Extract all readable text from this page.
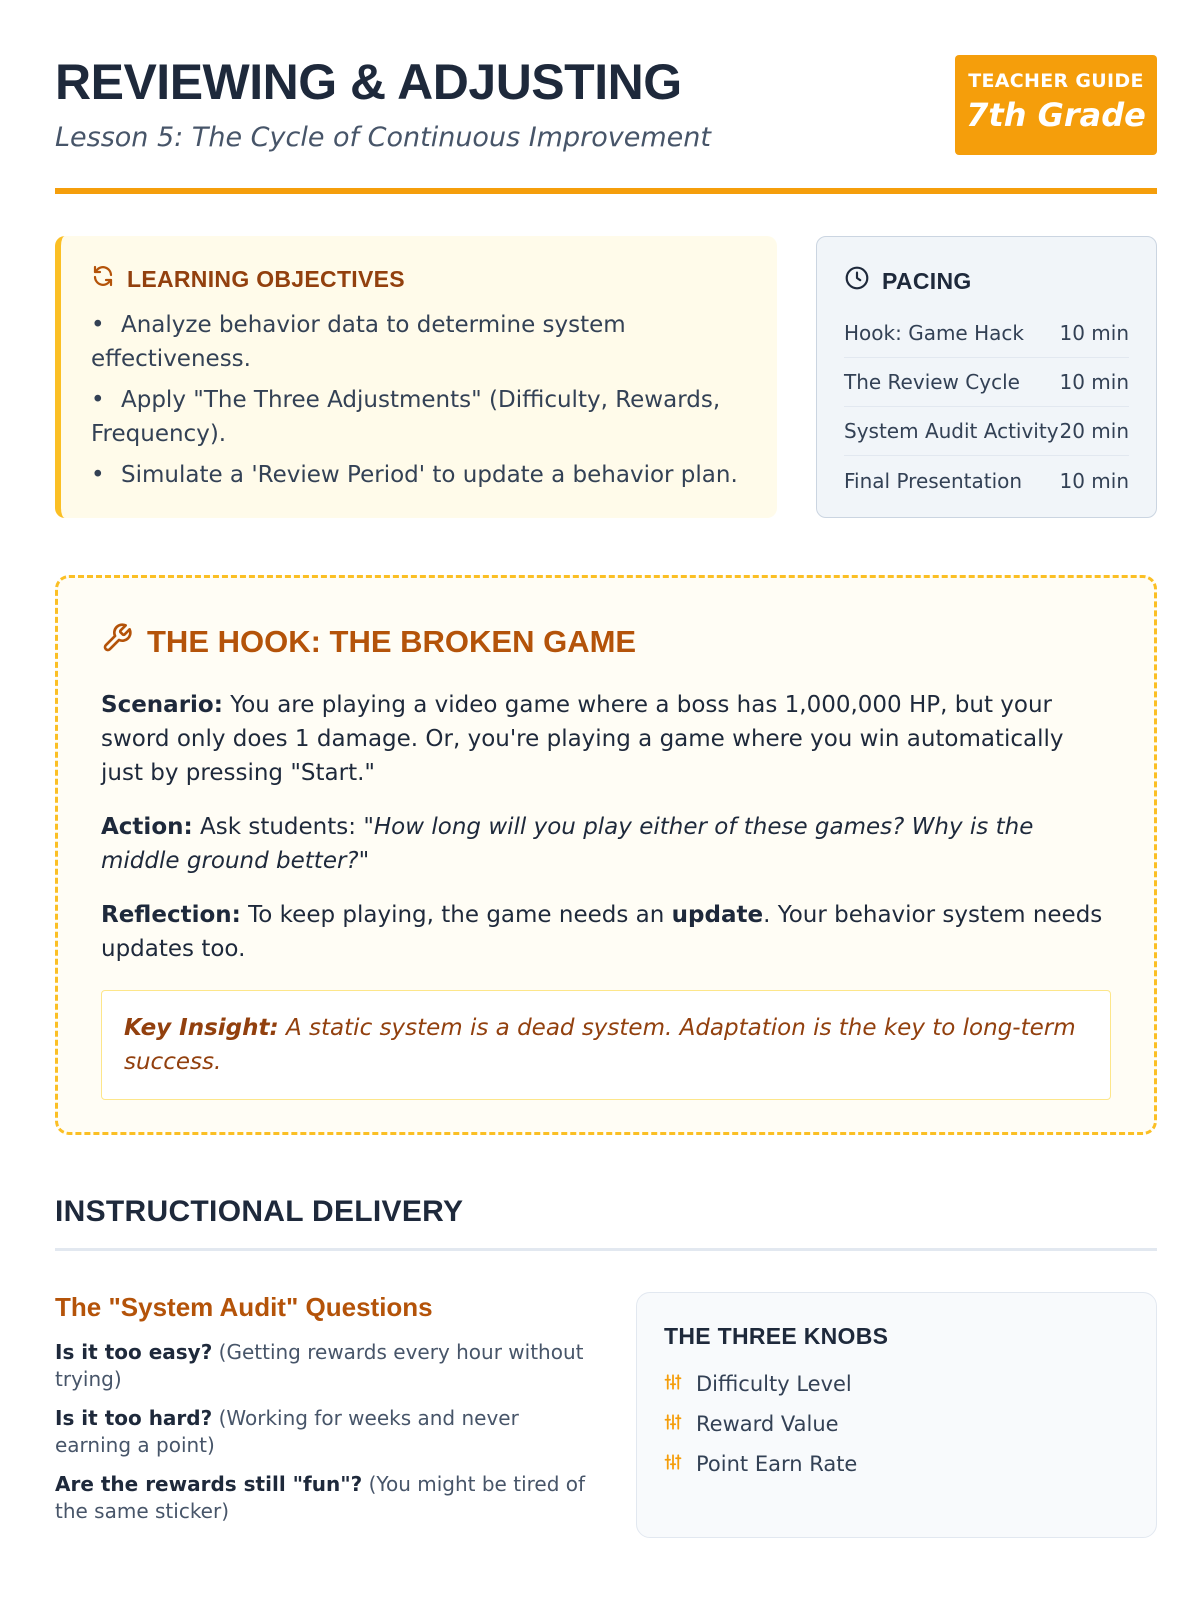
REVIEWING & ADJUSTING
Lesson 5: The Cycle of Continuous Improvement
TEACHER GUIDE
7th Grade
LEARNING OBJECTIVES
• Analyze behavior data to determine system effectiveness.
• Apply "The Three Adjustments" (Difficulty, Rewards, Frequency).
• Simulate a 'Review Period' to update a behavior plan.
PACING
Hook: Game Hack 10 min
The Review Cycle 10 min
System Audit Activity 20 min
Final Presentation 10 min
THE HOOK: THE BROKEN GAME

Scenario: You are playing a video game where a boss has 1,000,000 HP, but your sword only does 1 damage. Or, you're playing a game where you win automatically just by pressing "Start."

Action: Ask students: "How long will you play either of these games? Why is the middle ground better?"

Reflection: To keep playing, the game needs an update. Your behavior system needs updates too.

Key Insight: A static system is a dead system. Adaptation is the key to long-term success.
INSTRUCTIONAL DELIVERY
The "System Audit" Questions
Is it too easy? (Getting rewards every hour without trying)
Is it too hard? (Working for weeks and never earning a point)
Are the rewards still "fun"? (You might be tired of the same sticker)
THE THREE KNOBS
Difficulty Level
Reward Value
Point Earn Rate
